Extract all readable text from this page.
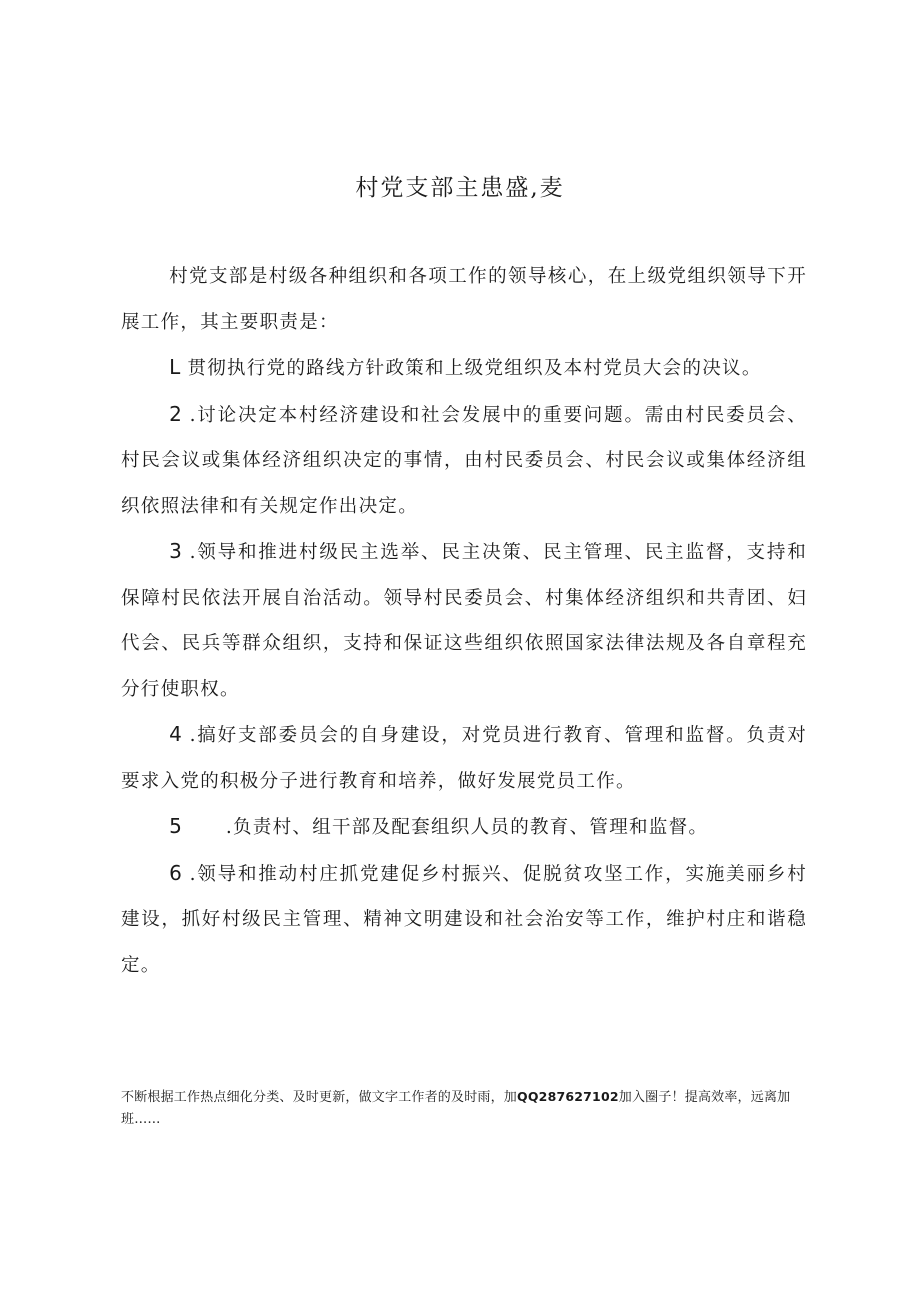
村党支部主患盛,麦

村党支部是村级各种组织和各项工作的领导核心，在上级党组织领导下开展工作，其主要职责是：

L 贯彻执行党的路线方针政策和上级党组织及本村党员大会的决议。

2 .讨论决定本村经济建设和社会发展中的重要问题。需由村民委员会、村民会议或集体经济组织决定的事情，由村民委员会、村民会议或集体经济组织依照法律和有关规定作出决定。

3 .领导和推进村级民主选举、民主决策、民主管理、民主监督，支持和保障村民依法开展自治活动。领导村民委员会、村集体经济组织和共青团、妇代会、民兵等群众组织，支持和保证这些组织依照国家法律法规及各自章程充分行使职权。

4 .搞好支部委员会的自身建设，对党员进行教育、管理和监督。负责对要求入党的积极分子进行教育和培养，做好发展党员工作。

5 .负责村、组干部及配套组织人员的教育、管理和监督。

6 .领导和推动村庄抓党建促乡村振兴、促脱贫攻坚工作，实施美丽乡村建设，抓好村级民主管理、精神文明建设和社会治安等工作，维护村庄和谐稳定。

不断根据工作热点细化分类、及时更新，做文字工作者的及时雨，加QQ287627102加入圈子！提高效率，远离加班……
